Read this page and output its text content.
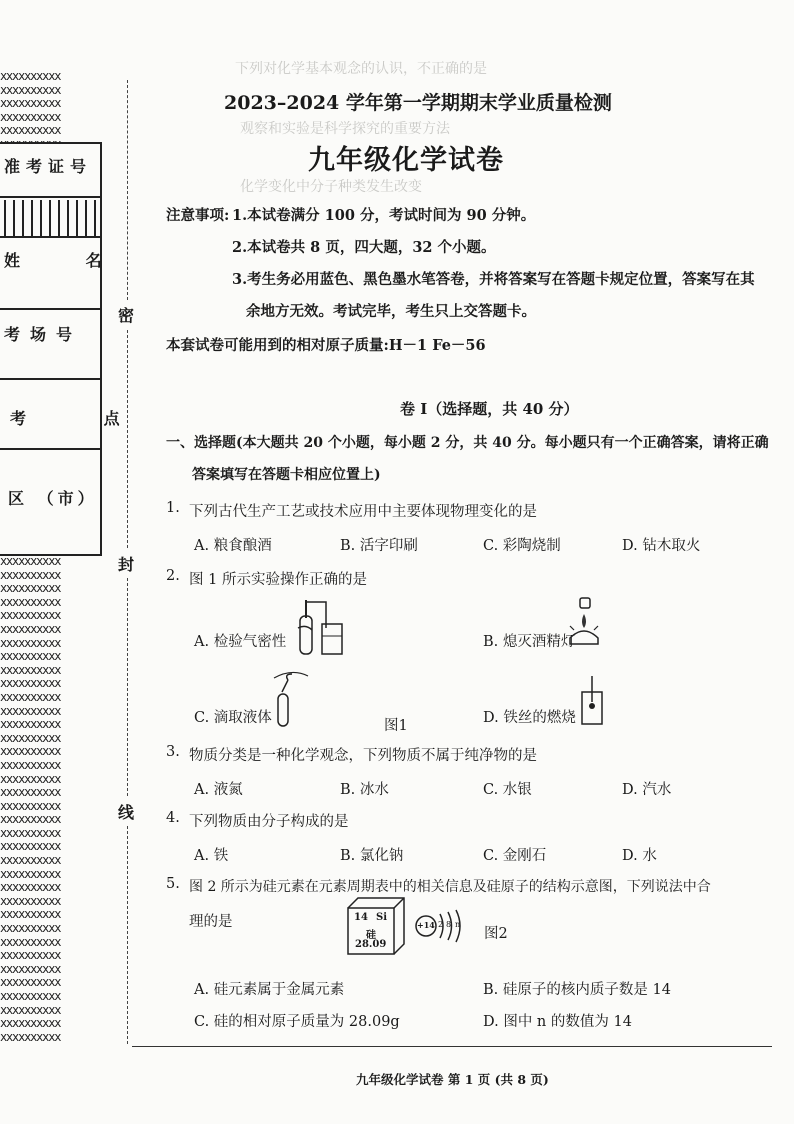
xxxxxxxxxx
xxxxxxxxxx
xxxxxxxxxx
xxxxxxxxxx
xxxxxxxxxx

准考证号
姓 名
考场号
考 点
区 （市）
xxxxxxxxxx
xxxxxxxxxx
xxxxxxxxxx
xxxxxxxxxx
xxxxxxxxxx
xxxxxxxxxx
xxxxxxxxxx
xxxxxxxxxx
xxxxxxxxxx
xxxxxxxxxx
xxxxxxxxxx
xxxxxxxxxx
xxxxxxxxxx
xxxxxxxxxx
xxxxxxxxxx
xxxxxxxxxx
xxxxxxxxxx
xxxxxxxxxx
xxxxxxxxxx
xxxxxxxxxx
xxxxxxxxxx
xxxxxxxxxx
xxxxxxxxxx
xxxxxxxxxx
xxxxxxxxxx
xxxxxxxxxx
xxxxxxxxxx
xxxxxxxxxx
xxxxxxxxxx
xxxxxxxxxx
xxxxxxxxxx
xxxxxxxxxx
xxxxxxxxxx
xxxxxxxxxx
xxxxxxxxxx
xxxxxxxxxx
密
封
线
下列对化学基本观念的认识，不正确的是
观察和实验是科学探究的重要方法
化学变化中分子种类发生改变
2023–2024 学年第一学期期末学业质量检测
九年级化学试卷
注意事项: 1.本试卷满分 100 分，考试时间为 90 分钟。
2.本试卷共 8 页，四大题，32 个小题。
3.考生务必用蓝色、黑色墨水笔答卷，并将答案写在答题卡规定位置，答案写在其
余地方无效。考试完毕，考生只上交答题卡。
本套试卷可能用到的相对原子质量:H－1 Fe－56
卷 Ⅰ（选择题，共 40 分）
一、选择题(本大题共 20 个小题，每小题 2 分，共 40 分。每小题只有一个正确答案，请将正确
答案填写在答题卡相应位置上)
1. 下列古代生产工艺或技术应用中主要体现物理变化的是
A. 粮食酿酒	B. 活字印刷	C. 彩陶烧制	D. 钻木取火
2. 图 1 所示实验操作正确的是
A. 检验气密性	B. 熄灭酒精灯
C. 滴取液体	D. 铁丝的燃烧
图1
3. 物质分类是一种化学观念，下列物质不属于纯净物的是
A. 液氮	B. 冰水	C. 水银	D. 汽水
4. 下列物质由分子构成的是
A. 铁	B. 氯化钠	C. 金刚石	D. 水
5. 图 2 所示为硅元素在元素周期表中的相关信息及硅原子的结构示意图，下列说法中合
理的是	14 Si
硅
28.09
+14 2 8 n
图2
A. 硅元素属于金属元素	B. 硅原子的核内质子数是 14
C. 硅的相对原子质量为 28.09g	D. 图中 n 的数值为 14
九年级化学试卷 第 1 页 (共 8 页)
